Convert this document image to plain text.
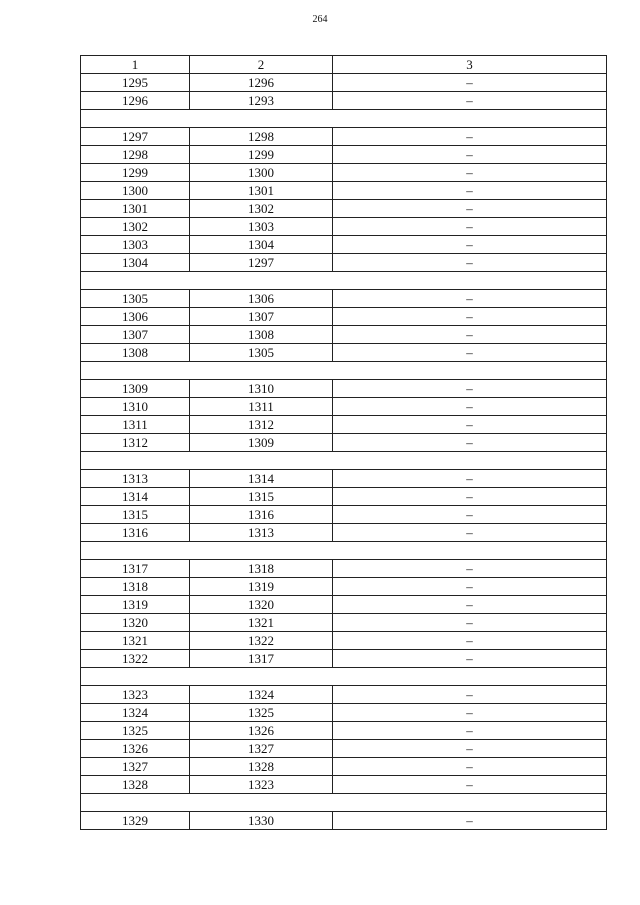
264
1	2	3
1295	1296	–
1296	1293	–

1297	1298	–
1298	1299	–
1299	1300	–
1300	1301	–
1301	1302	–
1302	1303	–
1303	1304	–
1304	1297	–

1305	1306	–
1306	1307	–
1307	1308	–
1308	1305	–

1309	1310	–
1310	1311	–
1311	1312	–
1312	1309	–

1313	1314	–
1314	1315	–
1315	1316	–
1316	1313	–

1317	1318	–
1318	1319	–
1319	1320	–
1320	1321	–
1321	1322	–
1322	1317	–

1323	1324	–
1324	1325	–
1325	1326	–
1326	1327	–
1327	1328	–
1328	1323	–

1329	1330	–
